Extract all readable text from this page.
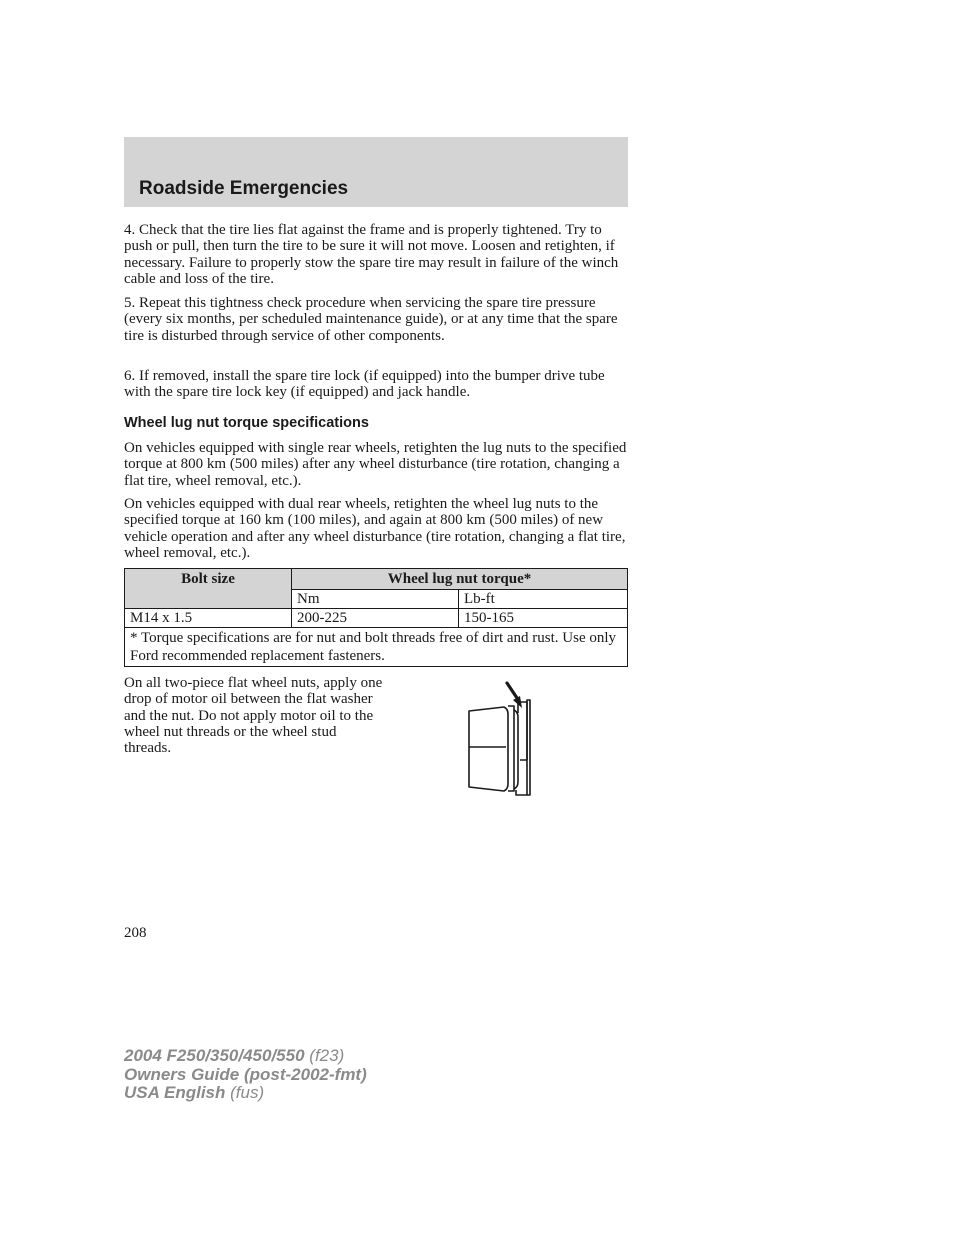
Roadside Emergencies

4. Check that the tire lies flat against the frame and is properly tightened. Try to push or pull, then turn the tire to be sure it will not move. Loosen and retighten, if necessary. Failure to properly stow the spare tire may result in failure of the winch cable and loss of the tire.

5. Repeat this tightness check procedure when servicing the spare tire pressure (every six months, per scheduled maintenance guide), or at any time that the spare tire is disturbed through service of other components.

6. If removed, install the spare tire lock (if equipped) into the bumper drive tube with the spare tire lock key (if equipped) and jack handle.

Wheel lug nut torque specifications

On vehicles equipped with single rear wheels, retighten the lug nuts to the specified torque at 800 km (500 miles) after any wheel disturbance (tire rotation, changing a flat tire, wheel removal, etc.).

On vehicles equipped with dual rear wheels, retighten the wheel lug nuts to the specified torque at 160 km (100 miles), and again at 800 km (500 miles) of new vehicle operation and after any wheel disturbance (tire rotation, changing a flat tire, wheel removal, etc.).

Bolt size	Wheel lug nut torque*	
	Nm	Lb-ft
M14 x 1.5	200-225	150-165
* Torque specifications are for nut and bolt threads free of dirt and rust. Use only Ford recommended replacement fasteners.		

On all two-piece flat wheel nuts, apply one drop of motor oil between the flat washer and the nut. Do not apply motor oil to the wheel nut threads or the wheel stud threads.

208
2004 F250/350/450/550 (f23)
Owners Guide (post-2002-fmt)
USA English (fus)
